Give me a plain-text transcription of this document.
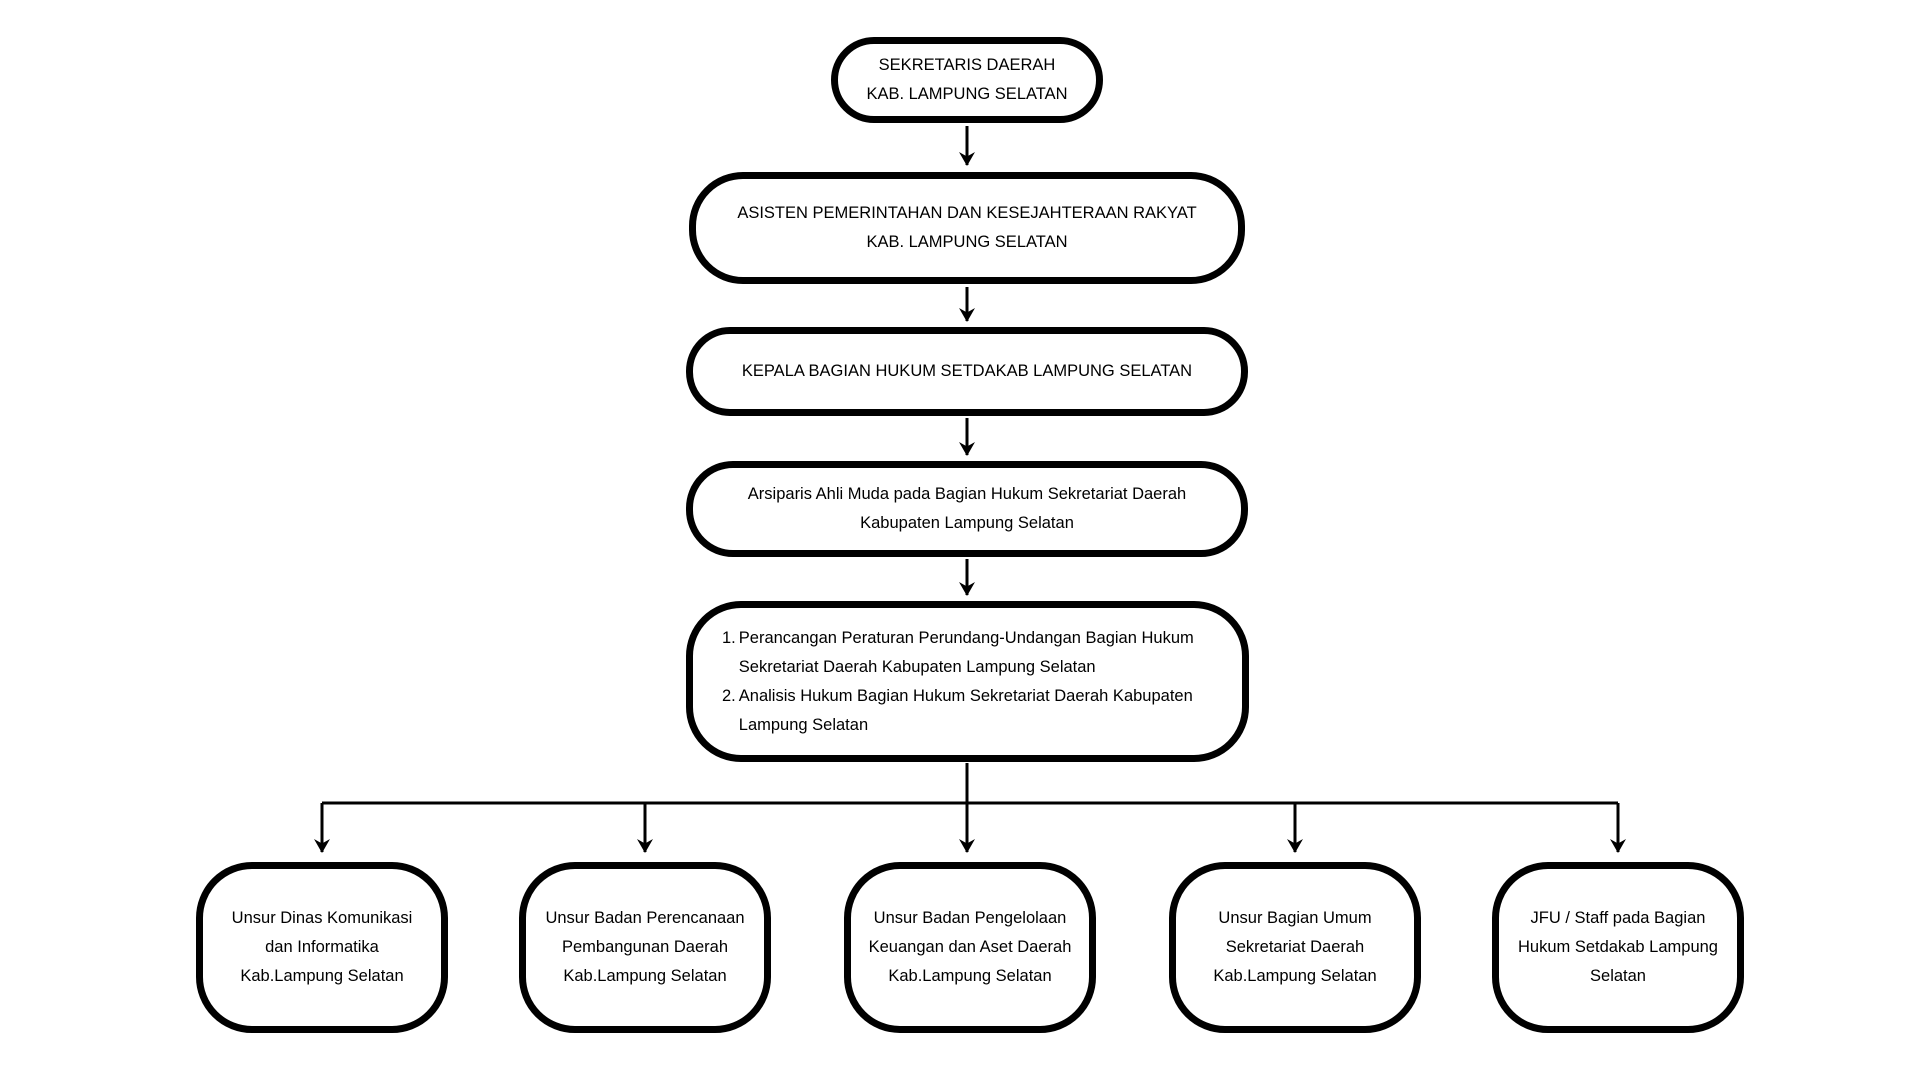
SEKRETARIS DAERAH
KAB. LAMPUNG SELATAN
ASISTEN PEMERINTAHAN DAN KESEJAHTERAAN RAKYAT
KAB. LAMPUNG SELATAN
KEPALA BAGIAN HUKUM SETDAKAB LAMPUNG SELATAN
Arsiparis Ahli Muda pada Bagian Hukum Sekretariat Daerah
Kabupaten Lampung Selatan
1. Perancangan Peraturan Perundang-Undangan Bagian Hukum Sekretariat Daerah Kabupaten Lampung Selatan
2. Analisis Hukum Bagian Hukum Sekretariat Daerah Kabupaten Lampung Selatan
Unsur Dinas Komunikasi
dan Informatika
Kab.Lampung Selatan
Unsur Badan Perencanaan
Pembangunan Daerah
Kab.Lampung Selatan
Unsur Badan Pengelolaan
Keuangan dan Aset Daerah
Kab.Lampung Selatan
Unsur Bagian Umum
Sekretariat Daerah
Kab.Lampung Selatan
JFU / Staff pada Bagian
Hukum Setdakab Lampung
Selatan
